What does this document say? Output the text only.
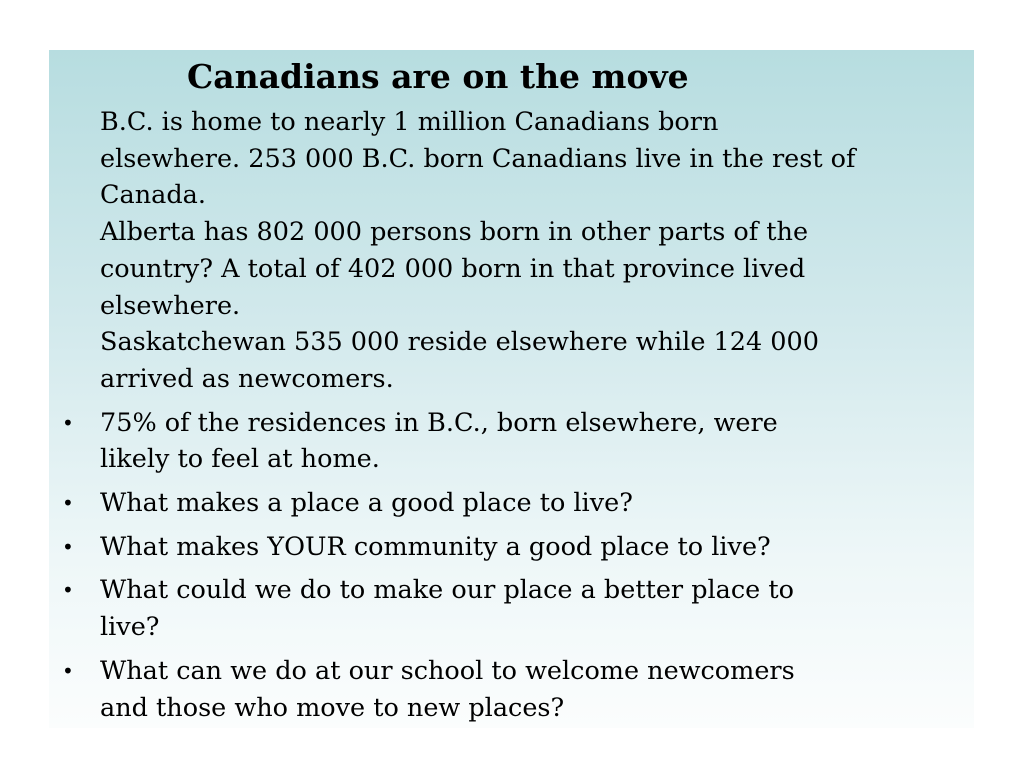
Canadians are on the move

B.C. is home to nearly 1 million Canadians born
elsewhere. 253 000 B.C. born Canadians live in the rest of
Canada.

Alberta has 802 000 persons born in other parts of the
country? A total of 402 000 born in that province lived
elsewhere.

Saskatchewan 535 000 reside elsewhere while 124 000
arrived as newcomers.

• 75% of the residences in B.C., born elsewhere, were
likely to feel at home.
• What makes a place a good place to live?
• What makes YOUR community a good place to live?
• What could we do to make our place a better place to
live?
• What can we do at our school to welcome newcomers
and those who move to new places?
